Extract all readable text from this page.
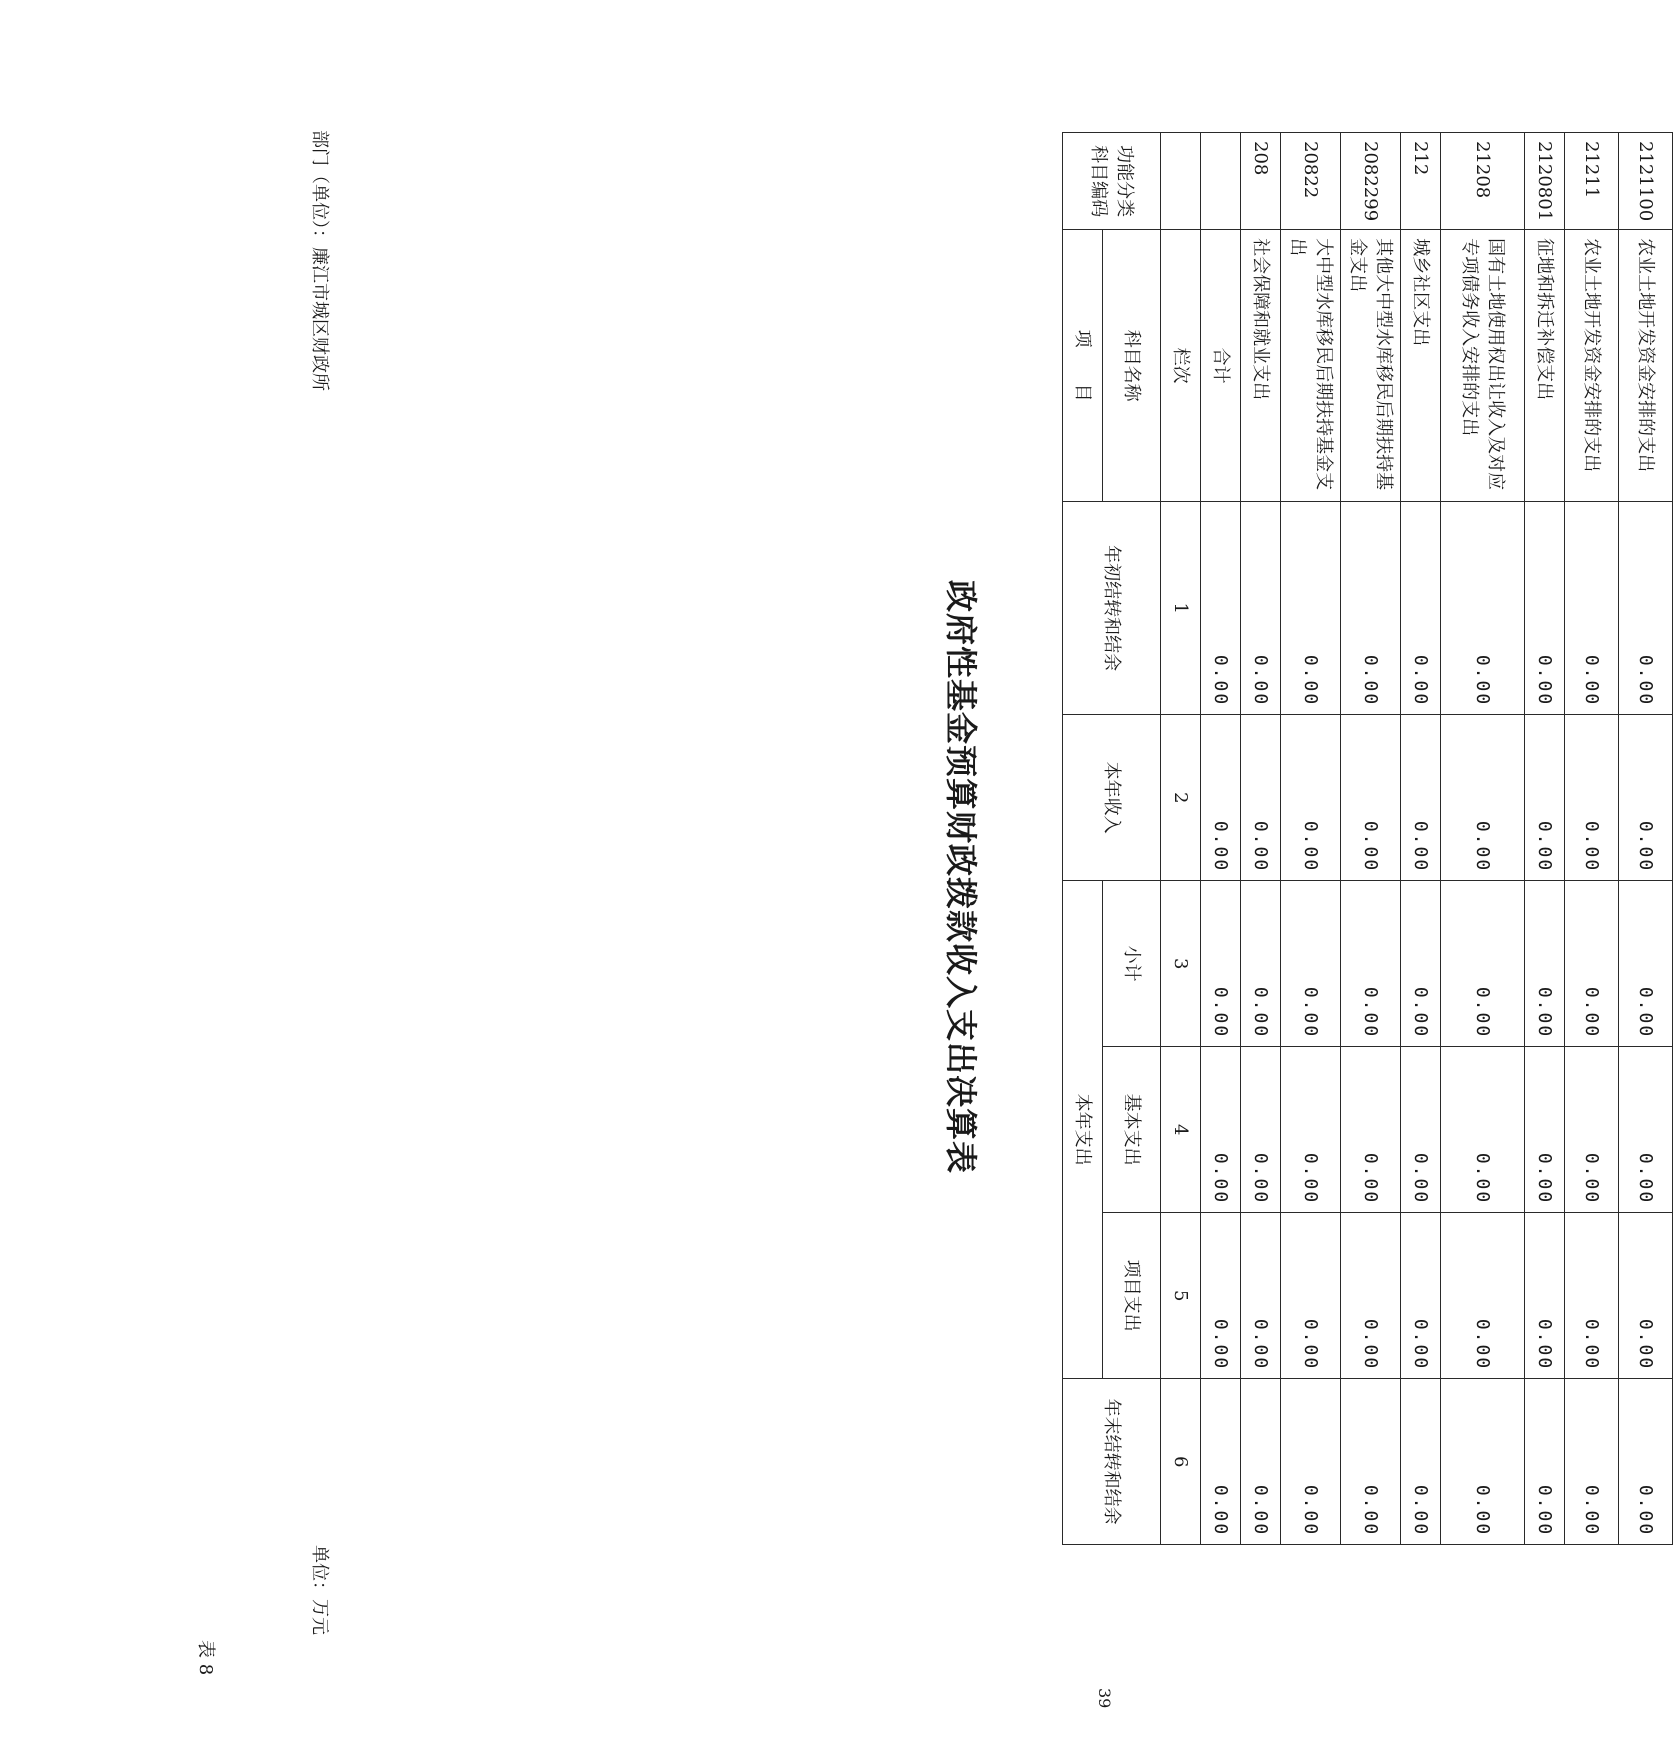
表 8
政府性基金预算财政拨款收入支出决算表
部门（单位）：廉江市城区财政所
单位：万元
39
功能分类科目编码	项　　目	年初结转和结余	本年收入	本年支出			年末结转和结余

科目名称			小计	基本支出	项目支出	

栏次	1	2	3	4	5	6

合计	0.00	0.00	0.00	0.00	0.00	0.00

208	社会保障和就业支出	0.00	0.00	0.00	0.00	0.00	0.00

20822	大中型水库移民后期扶持基金支出	0.00	0.00	0.00	0.00	0.00	0.00

2082299	其他大中型水库移民后期扶持基金支出	0.00	0.00	0.00	0.00	0.00	0.00

212	城乡社区支出	0.00	0.00	0.00	0.00	0.00	0.00

21208	国有土地使用权出让收入及对应专项债务收入安排的支出	0.00	0.00	0.00	0.00	0.00	0.00

2120801	征地和拆迁补偿支出	0.00	0.00	0.00	0.00	0.00	0.00

21211	农业土地开发资金安排的支出	0.00	0.00	0.00	0.00	0.00	0.00

2121100	农业土地开发资金安排的支出	0.00	0.00	0.00	0.00	0.00	0.00
